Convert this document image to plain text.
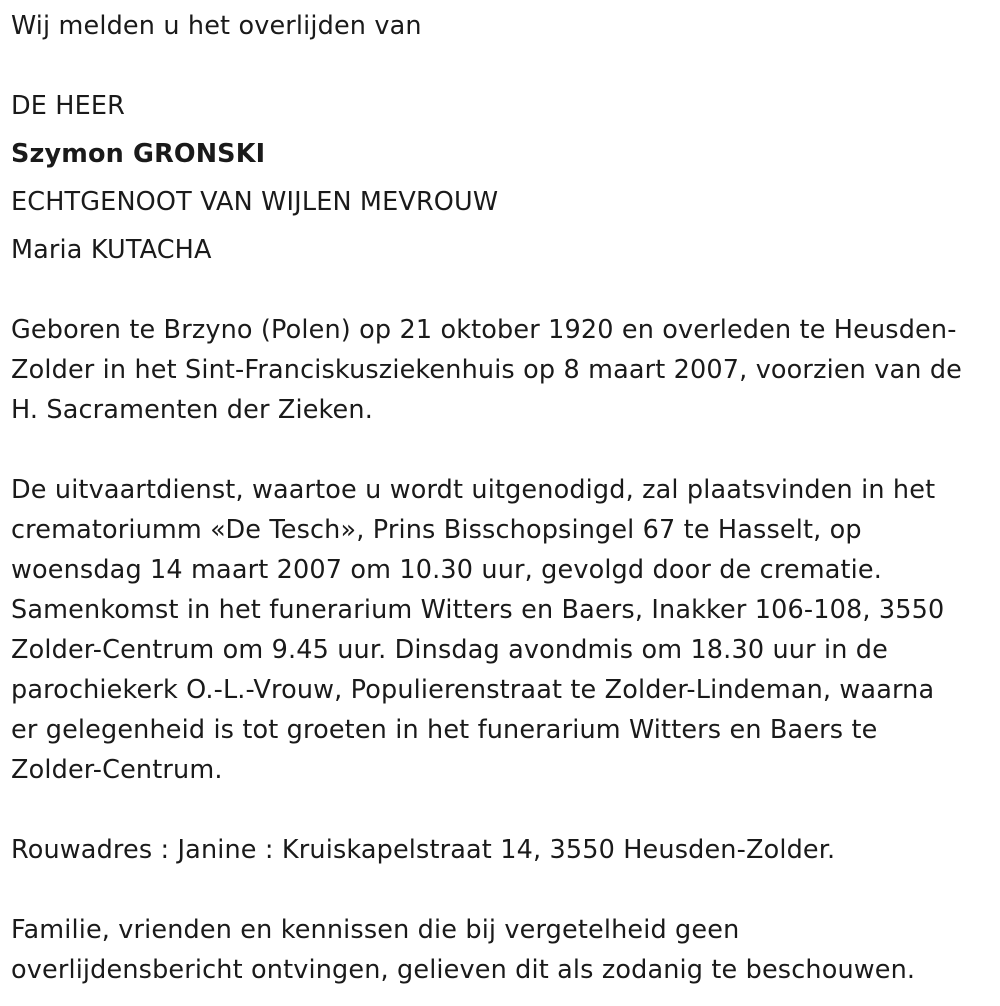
Wij melden u het overlijden van
DE HEER
Szymon GRONSKI
ECHTGENOOT VAN WIJLEN MEVROUW
Maria KUTACHA
Geboren te Brzyno (Polen) op 21 oktober 1920 en overleden te Heusden-
Zolder in het Sint-Franciskusziekenhuis op 8 maart 2007, voorzien van de
H. Sacramenten der Zieken.
De uitvaartdienst, waartoe u wordt uitgenodigd, zal plaatsvinden in het
crematoriumm «De Tesch», Prins Bisschopsingel 67 te Hasselt, op
woensdag 14 maart 2007 om 10.30 uur, gevolgd door de crematie.
Samenkomst in het funerarium Witters en Baers, Inakker 106-108, 3550
Zolder-Centrum om 9.45 uur. Dinsdag avondmis om 18.30 uur in de
parochiekerk O.-L.-Vrouw, Populierenstraat te Zolder-Lindeman, waarna
er gelegenheid is tot groeten in het funerarium Witters en Baers te
Zolder-Centrum.
Rouwadres : Janine : Kruiskapelstraat 14, 3550 Heusden-Zolder.
Familie, vrienden en kennissen die bij vergetelheid geen
overlijdensbericht ontvingen, gelieven dit als zodanig te beschouwen.
